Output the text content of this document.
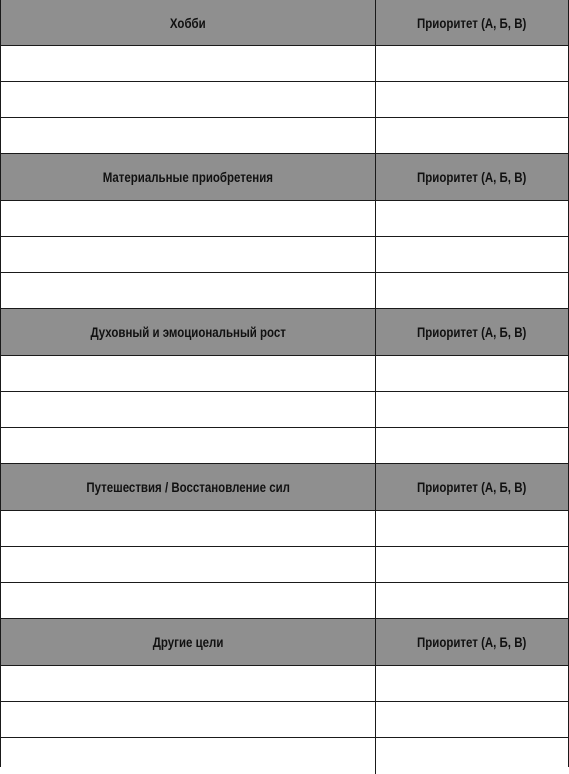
Хобби	Приоритет (А, Б, В)
Материальные приобретения	Приоритет (А, Б, В)
Духовный и эмоциональный рост	Приоритет (А, Б, В)
Путешествия / Восстановление сил	Приоритет (А, Б, В)
Другие цели	Приоритет (А, Б, В)
